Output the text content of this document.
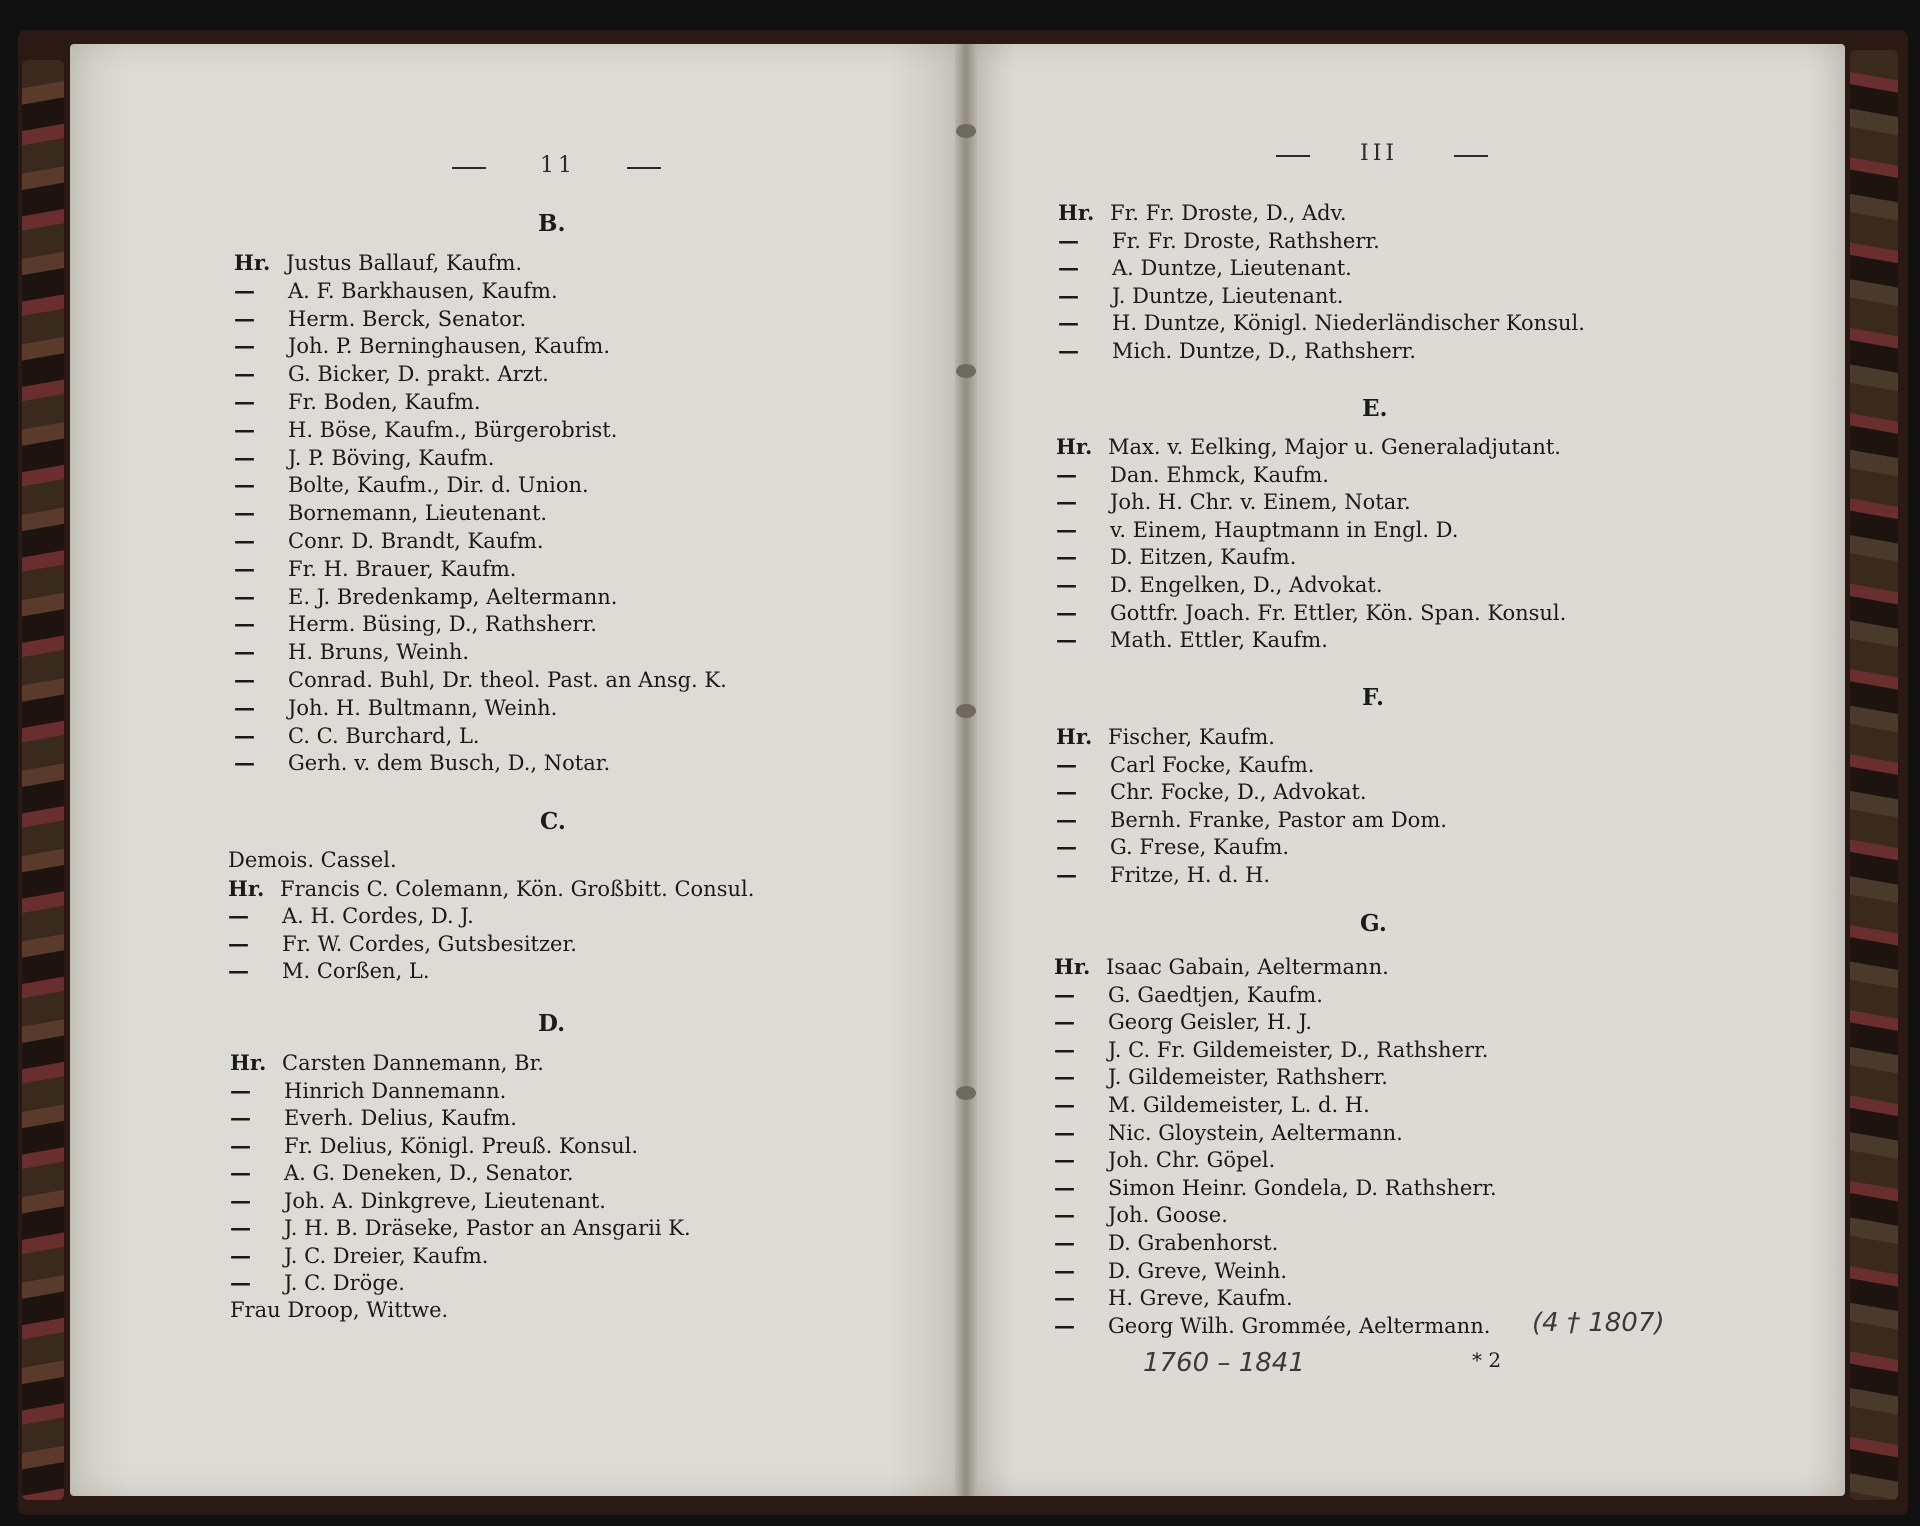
11	III
B.
Hr. Justus Ballauf, Kaufm.
— A. F. Barkhausen, Kaufm.
— Herm. Berck, Senator.
— Joh. P. Berninghausen, Kaufm.
— G. Bicker, D. prakt. Arzt.
— Fr. Boden, Kaufm.
— H. Böse, Kaufm., Bürgerobrist.
— J. P. Böving, Kaufm.
— Bolte, Kaufm., Dir. d. Union.
— Bornemann, Lieutenant.
— Conr. D. Brandt, Kaufm.
— Fr. H. Brauer, Kaufm.
— E. J. Bredenkamp, Aeltermann.
— Herm. Büsing, D., Rathsherr.
— H. Bruns, Weinh.
— Conrad. Buhl, Dr. theol. Past. an Ansg. K.
— Joh. H. Bultmann, Weinh.
— C. C. Burchard, L.
— Gerh. v. dem Busch, D., Notar.
C.
Demois. Cassel.
Hr. Francis C. Colemann, Kön. Großbitt. Consul.
— A. H. Cordes, D. J.
— Fr. W. Cordes, Gutsbesitzer.
— M. Corßen, L.
D.
Hr. Carsten Dannemann, Br.
— Hinrich Dannemann.
— Everh. Delius, Kaufm.
— Fr. Delius, Königl. Preuß. Konsul.
— A. G. Deneken, D., Senator.
— Joh. A. Dinkgreve, Lieutenant.
— J. H. B. Dräseke, Pastor an Ansgarii K.
— J. C. Dreier, Kaufm.
— J. C. Dröge.
Frau Droop, Wittwe.
Hr. Fr. Fr. Droste, D., Adv.
— Fr. Fr. Droste, Rathsherr.
— A. Duntze, Lieutenant.
— J. Duntze, Lieutenant.
— H. Duntze, Königl. Niederländischer Konsul.
— Mich. Duntze, D., Rathsherr.
E.
Hr. Max. v. Eelking, Major u. Generaladjutant.
— Dan. Ehmck, Kaufm.
— Joh. H. Chr. v. Einem, Notar.
— v. Einem, Hauptmann in Engl. D.
— D. Eitzen, Kaufm.
— D. Engelken, D., Advokat.
— Gottfr. Joach. Fr. Ettler, Kön. Span. Konsul.
— Math. Ettler, Kaufm.
F.
Hr. Fischer, Kaufm.
— Carl Focke, Kaufm.
— Chr. Focke, D., Advokat.
— Bernh. Franke, Pastor am Dom.
— G. Frese, Kaufm.
— Fritze, H. d. H.
G.
Hr. Isaac Gabain, Aeltermann.
— G. Gaedtjen, Kaufm.
— Georg Geisler, H. J.
— J. C. Fr. Gildemeister, D., Rathsherr.
— J. Gildemeister, Rathsherr.
— M. Gildemeister, L. d. H.
— Nic. Gloystein, Aeltermann.
— Joh. Chr. Göpel.
— Simon Heinr. Gondela, D. Rathsherr.
— Joh. Goose.
— D. Grabenhorst.
— D. Greve, Weinh.
— H. Greve, Kaufm.
— Georg Wilh. Grommée, Aeltermann. (4 † 1807)
1760 – 1841	* 2
